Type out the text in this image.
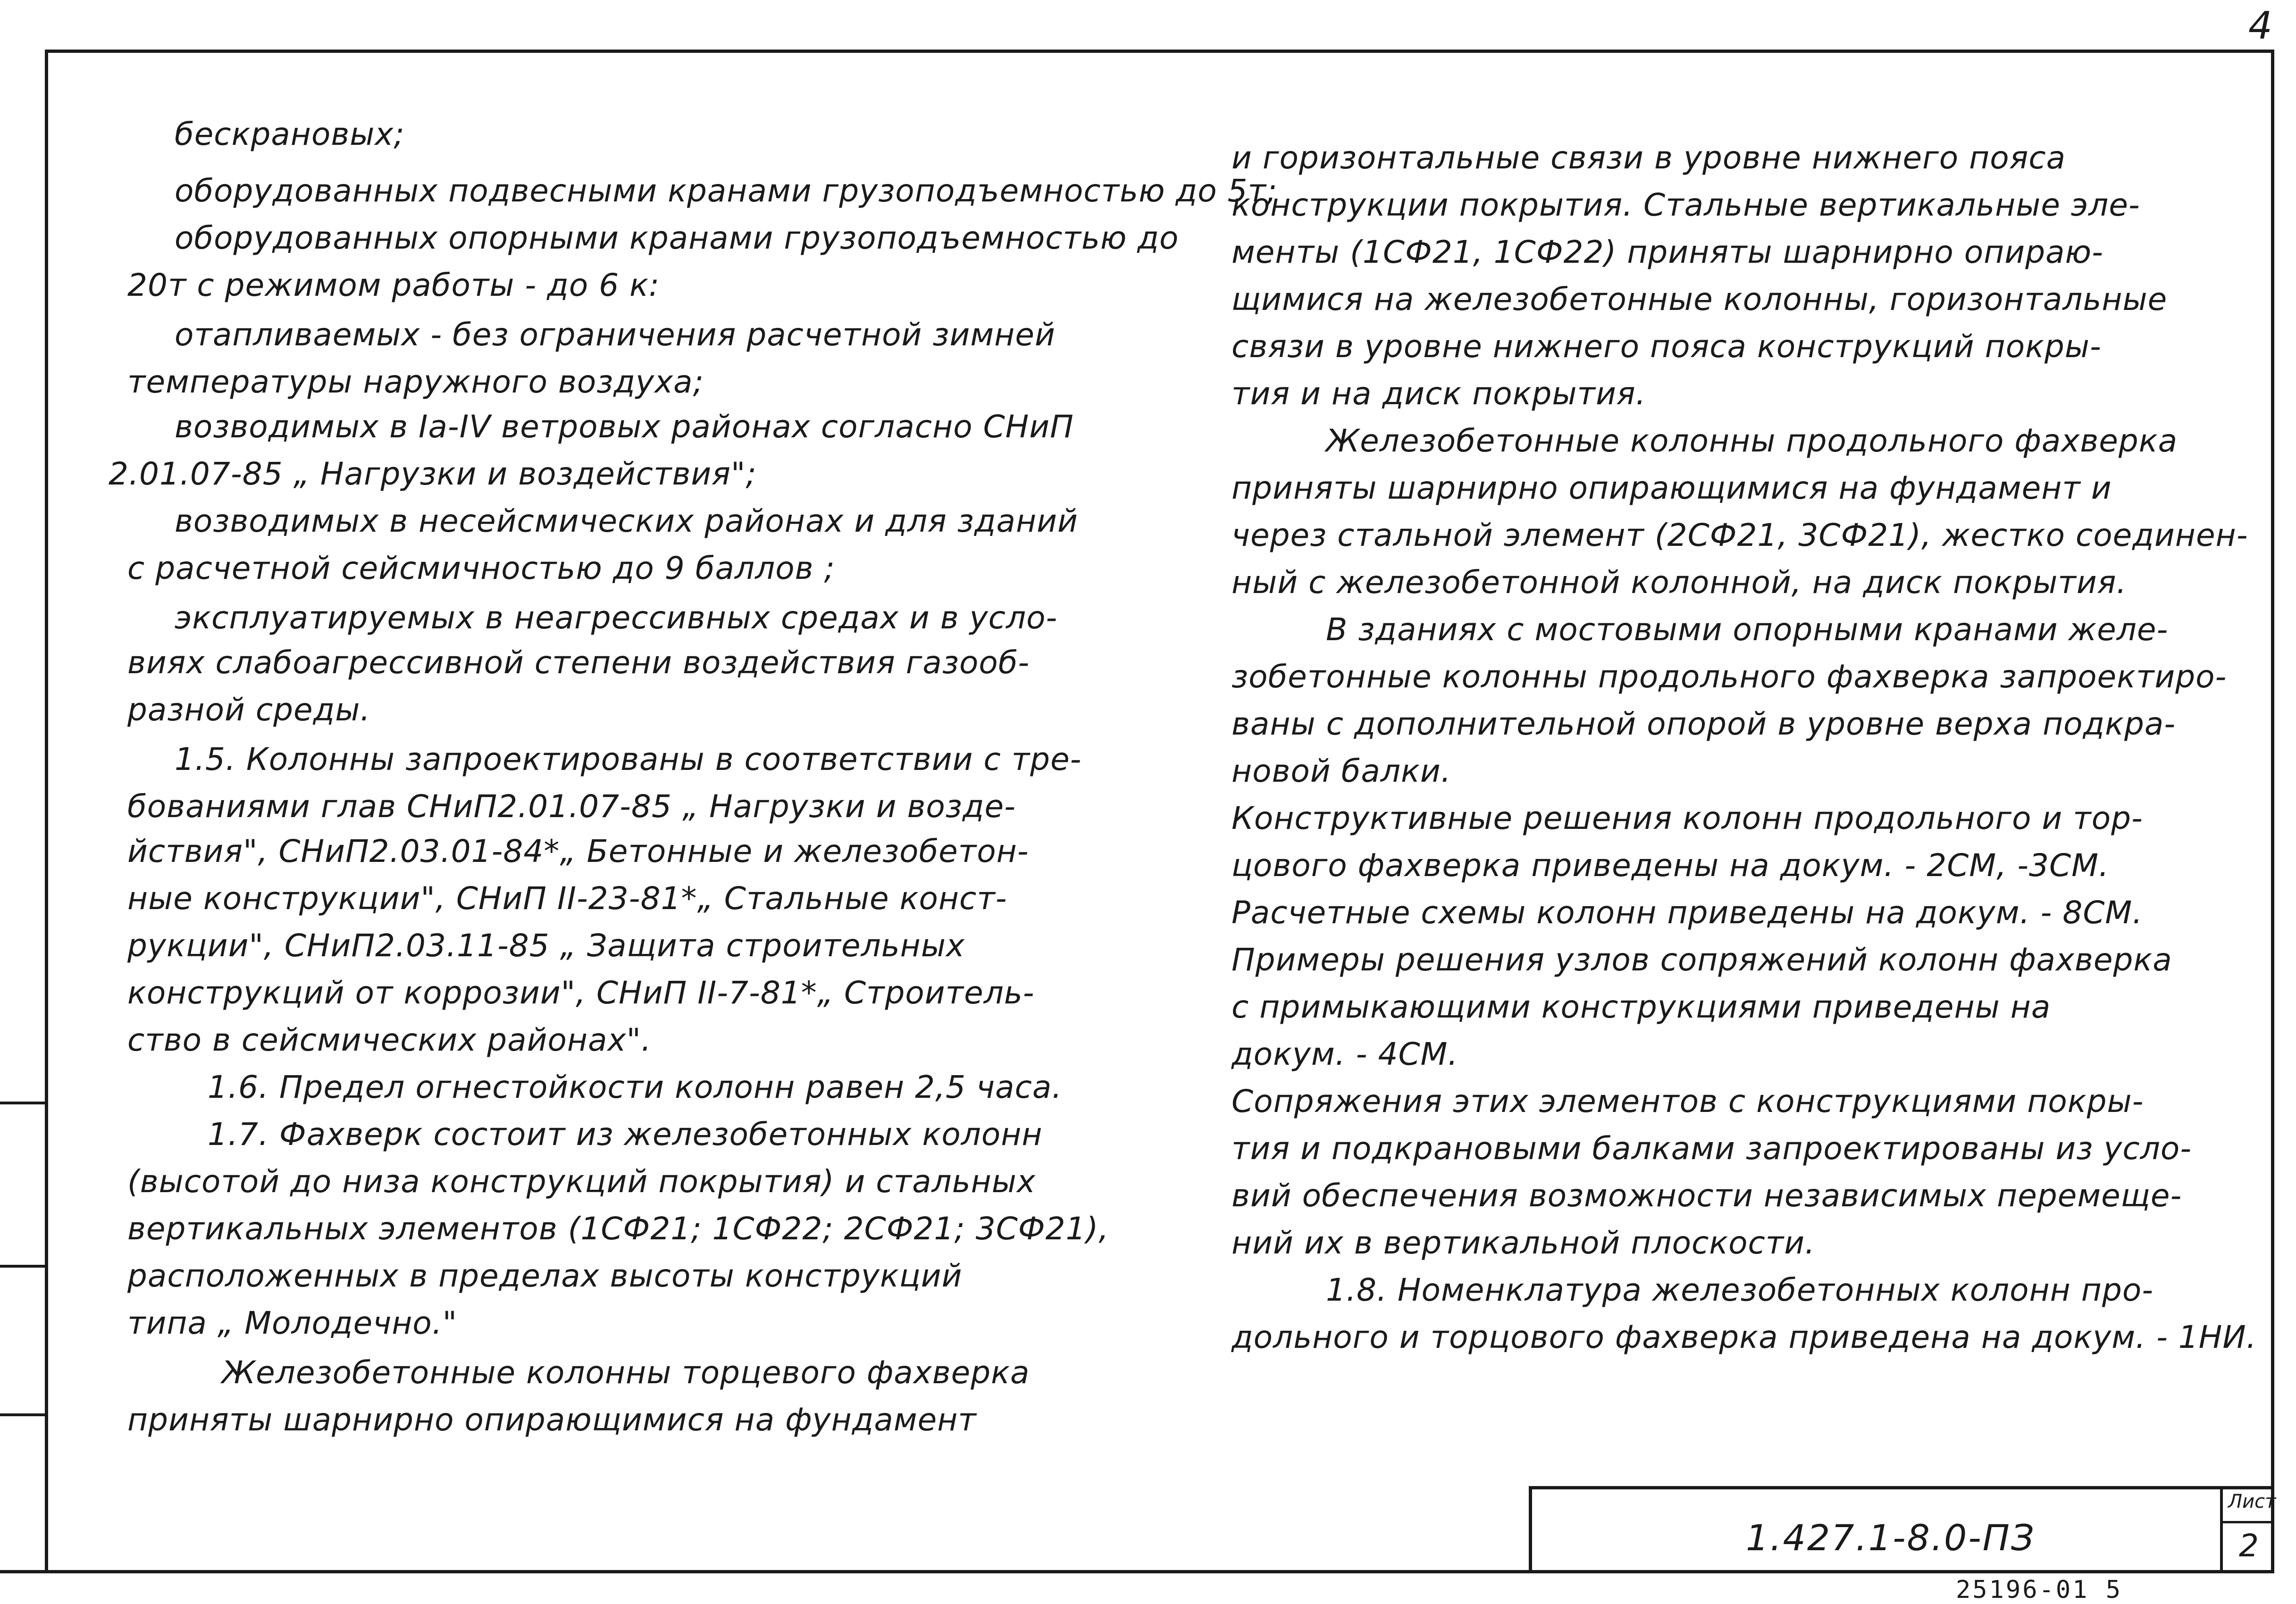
4
бескрановых;
оборудованных подвесными кранами грузоподъемностью до 5т;
оборудованных опорными кранами грузоподъемностью до
20т с режимом работы - до 6 к:
отапливаемых - без ограничения расчетной зимней
температуры наружного воздуха;
возводимых в Ia-IV ветровых районах согласно СНиП
2.01.07-85 „ Нагрузки и воздействия";
возводимых в несейсмических районах и для зданий
с расчетной сейсмичностью до 9 баллов ;
эксплуатируемых в неагрессивных средах и в усло-
виях слабоагрессивной степени воздействия газооб-
разной среды.
1.5. Колонны запроектированы в соответствии с тре-
бованиями глав СНиП2.01.07-85 „ Нагрузки и возде-
йствия", СНиП2.03.01-84*„ Бетонные и железобетон-
ные конструкции", СНиП II-23-81*„ Стальные конст-
рукции", СНиП2.03.11-85 „ Защита строительных
конструкций от коррозии", СНиП II-7-81*„ Строитель-
ство в сейсмических районах".
1.6. Предел огнестойкости колонн равен 2,5 часа.
1.7. Фахверк состоит из железобетонных колонн
(высотой до низа конструкций покрытия) и стальных
вертикальных элементов (1СФ21; 1СФ22; 2СФ21; 3СФ21),
расположенных в пределах высоты конструкций
типа „ Молодечно."
Железобетонные колонны торцевого фахверка
приняты шарнирно опирающимися на фундамент
и горизонтальные связи в уровне нижнего пояса
конструкции покрытия. Стальные вертикальные эле-
менты (1СФ21, 1СФ22) приняты шарнирно опираю-
щимися на железобетонные колонны, горизонтальные
связи в уровне нижнего пояса конструкций покры-
тия и на диск покрытия.
Железобетонные колонны продольного фахверка
приняты шарнирно опирающимися на фундамент и
через стальной элемент (2СФ21, 3СФ21), жестко соединен-
ный с железобетонной колонной, на диск покрытия.
В зданиях с мостовыми опорными кранами желе-
зобетонные колонны продольного фахверка запроектиро-
ваны с дополнительной опорой в уровне верха подкра-
новой балки.
Конструктивные решения колонн продольного и тор-
цового фахверка приведены на докум. - 2СМ, -3СМ.
Расчетные схемы колонн приведены на докум. - 8СМ.
Примеры решения узлов сопряжений колонн фахверка
с примыкающими конструкциями приведены на
докум. - 4СМ.
Сопряжения этих элементов с конструкциями покры-
тия и подкрановыми балками запроектированы из усло-
вий обеспечения возможности независимых перемеще-
ний их в вертикальной плоскости.
1.8. Номенклатура железобетонных колонн про-
дольного и торцового фахверка приведена на докум. - 1НИ.
1.427.1-8.0-ПЗ
Лист
2
25196-01 5
